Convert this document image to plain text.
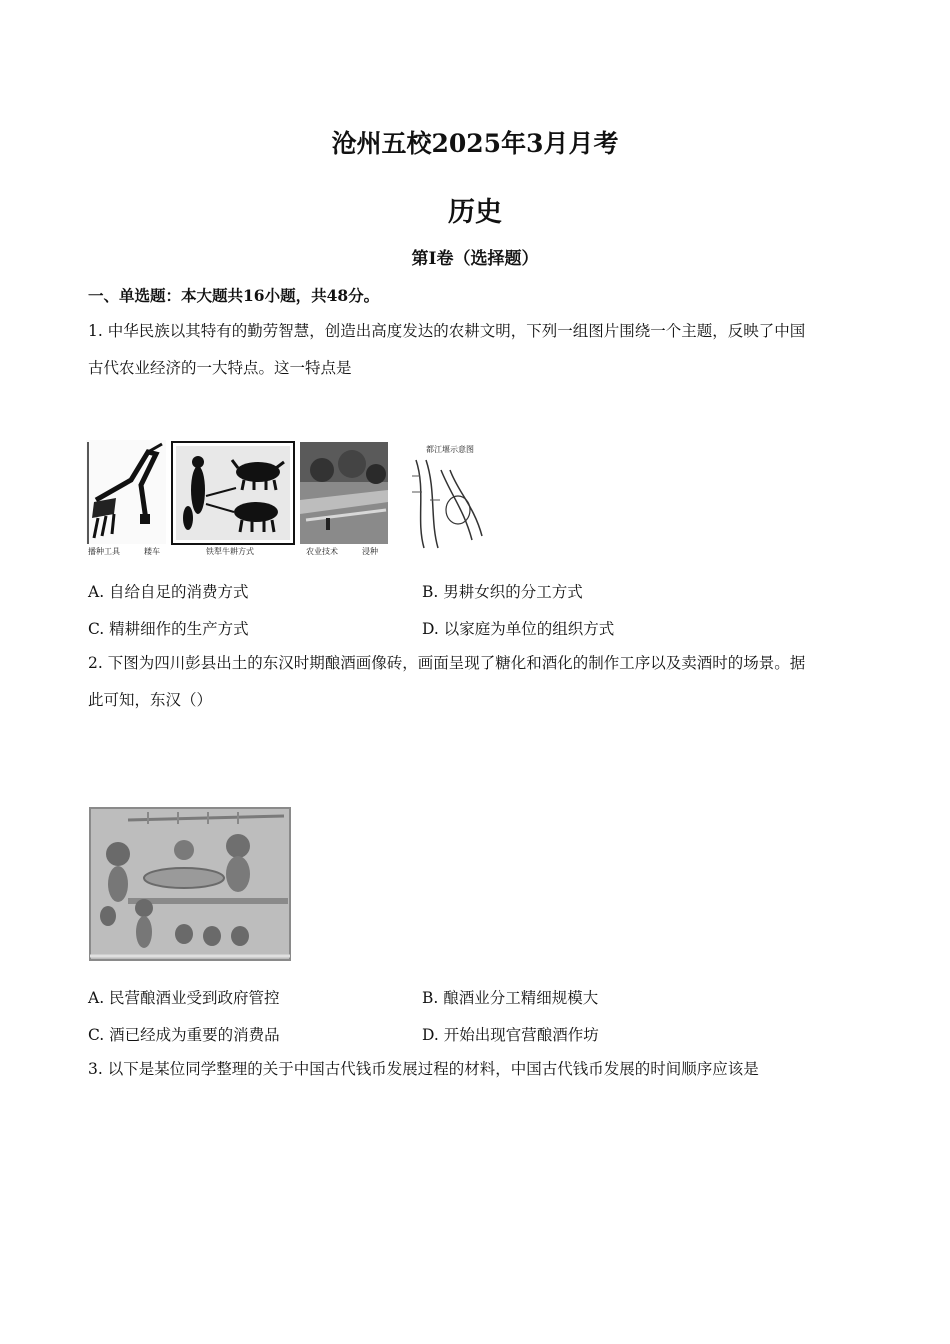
沧州五校2025年3月月考
历史
第I卷（选择题）
一、单选题：本大题共16小题，共48分。
1. 中华民族以其特有的勤劳智慧，创造出高度发达的农耕文明，下列一组图片围绕一个主题，反映了中国
古代农业经济的一大特点。这一特点是
播种工具	耧车	铁犁牛耕方式	农业技术	浸种
都江堰示意图
A. 自给自足的消费方式	B. 男耕女织的分工方式
C. 精耕细作的生产方式	D. 以家庭为单位的组织方式
2. 下图为四川彭县出土的东汉时期酿酒画像砖，画面呈现了糖化和酒化的制作工序以及卖酒时的场景。据
此可知，东汉（）
A. 民营酿酒业受到政府管控	B. 酿酒业分工精细规模大
C. 酒已经成为重要的消费品	D. 开始出现官营酿酒作坊
3. 以下是某位同学整理的关于中国古代钱币发展过程的材料，中国古代钱币发展的时间顺序应该是
